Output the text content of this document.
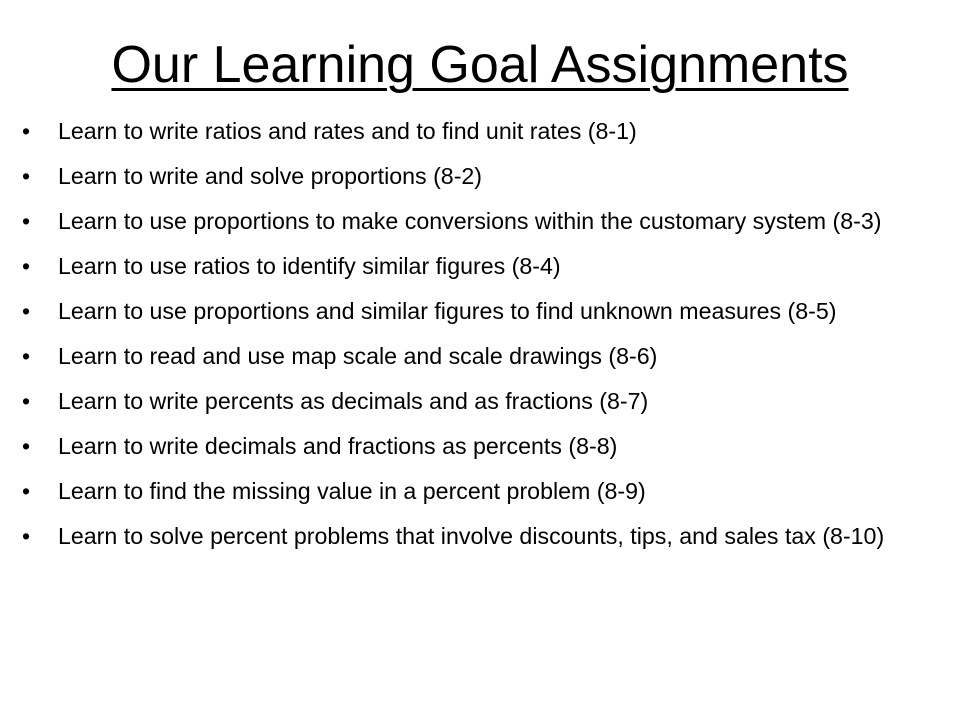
Our Learning Goal Assignments
•	Learn to write ratios and rates and to find unit rates (8-1)
•	Learn to write and solve proportions (8-2)
•	Learn to use proportions to make conversions within the customary system (8-3)
•	Learn to use ratios to identify similar figures (8-4)
•	Learn to use proportions and similar figures to find unknown measures (8-5)
•	Learn to read and use map scale and scale drawings (8-6)
•	Learn to write percents as decimals and as fractions (8-7)
•	Learn to write decimals and fractions as percents (8-8)
•	Learn to find the missing value in a percent problem (8-9)
•	Learn to solve percent problems that involve discounts, tips, and sales tax (8-10)
